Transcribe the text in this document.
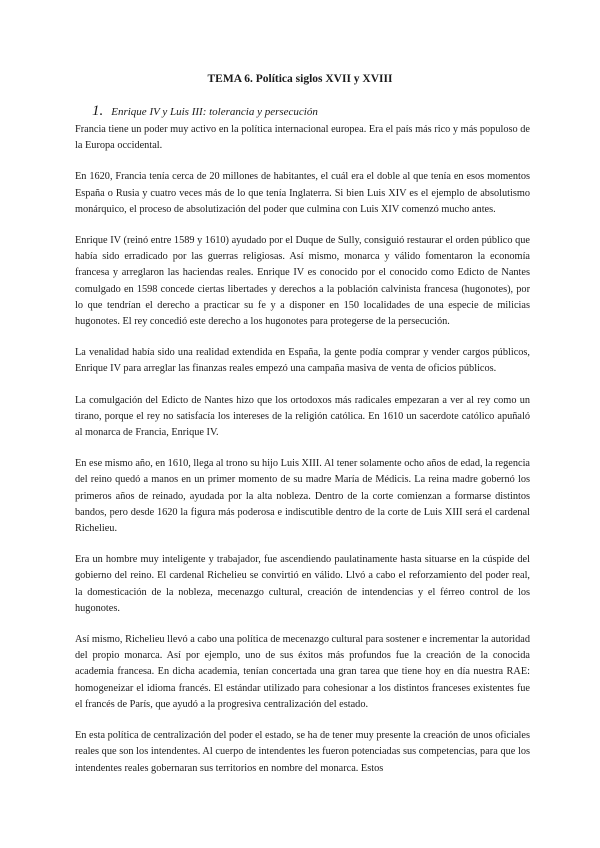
TEMA 6. Política siglos XVII y XVIII
1. Enrique IV y Luis III: tolerancia y persecución

Francia tiene un poder muy activo en la política internacional europea. Era el país más rico y más populoso de la Europa occidental.

En 1620, Francia tenía cerca de 20 millones de habitantes, el cuál era el doble al que tenía en esos momentos España o Rusia y cuatro veces más de lo que tenía Inglaterra. Si bien Luis XIV es el ejemplo de absolutismo monárquico, el proceso de absolutización del poder que culmina con Luis XIV comenzó mucho antes.

Enrique IV (reinó entre 1589 y 1610) ayudado por el Duque de Sully, consiguió restaurar el orden público que había sido erradicado por las guerras religiosas. Así mismo, monarca y válido fomentaron la economía francesa y arreglaron las haciendas reales. Enrique IV es conocido por el conocido como Edicto de Nantes comulgado en 1598 concede ciertas libertades y derechos a la población calvinista francesa (hugonotes), por lo que tendrían el derecho a practicar su fe y a disponer en 150 localidades de una especie de milicias hugonotes. El rey concedió este derecho a los hugonotes para protegerse de la persecución.

La venalidad había sido una realidad extendida en España, la gente podía comprar y vender cargos públicos, Enrique IV para arreglar las finanzas reales empezó una campaña masiva de venta de oficios públicos.

La comulgación del Edicto de Nantes hizo que los ortodoxos más radicales empezaran a ver al rey como un tirano, porque el rey no satisfacía los intereses de la religión católica. En 1610 un sacerdote católico apuñaló al monarca de Francia, Enrique IV.

En ese mismo año, en 1610, llega al trono su hijo Luis XIII. Al tener solamente ocho años de edad, la regencia del reino quedó a manos en un primer momento de su madre María de Médicis. La reina madre gobernó los primeros años de reinado, ayudada por la alta nobleza. Dentro de la corte comienzan a formarse distintos bandos, pero desde 1620 la figura más poderosa e indiscutible dentro de la corte de Luis XIII será el cardenal Richelieu.

Era un hombre muy inteligente y trabajador, fue ascendiendo paulatinamente hasta situarse en la cúspide del gobierno del reino. El cardenal Richelieu se convirtió en válido. Llvó a cabo el reforzamiento del poder real, la domesticación de la nobleza, mecenazgo cultural, creación de intendencias y el férreo control de los hugonotes.

Así mismo, Richelieu llevó a cabo una política de mecenazgo cultural para sostener e incrementar la autoridad del propio monarca. Así por ejemplo, uno de sus éxitos más profundos fue la creación de la conocida academia francesa. En dicha academia, tenían concertada una gran tarea que tiene hoy en día nuestra RAE: homogeneizar el idioma francés. El estándar utilizado para cohesionar a los distintos franceses existentes fue el francés de París, que ayudó a la progresiva centralización del estado.

En esta política de centralización del poder el estado, se ha de tener muy presente la creación de unos oficiales reales que son los intendentes. Al cuerpo de intendentes les fueron potenciadas sus competencias, para que los intendentes reales gobernaran sus territorios en nombre del monarca. Estos
